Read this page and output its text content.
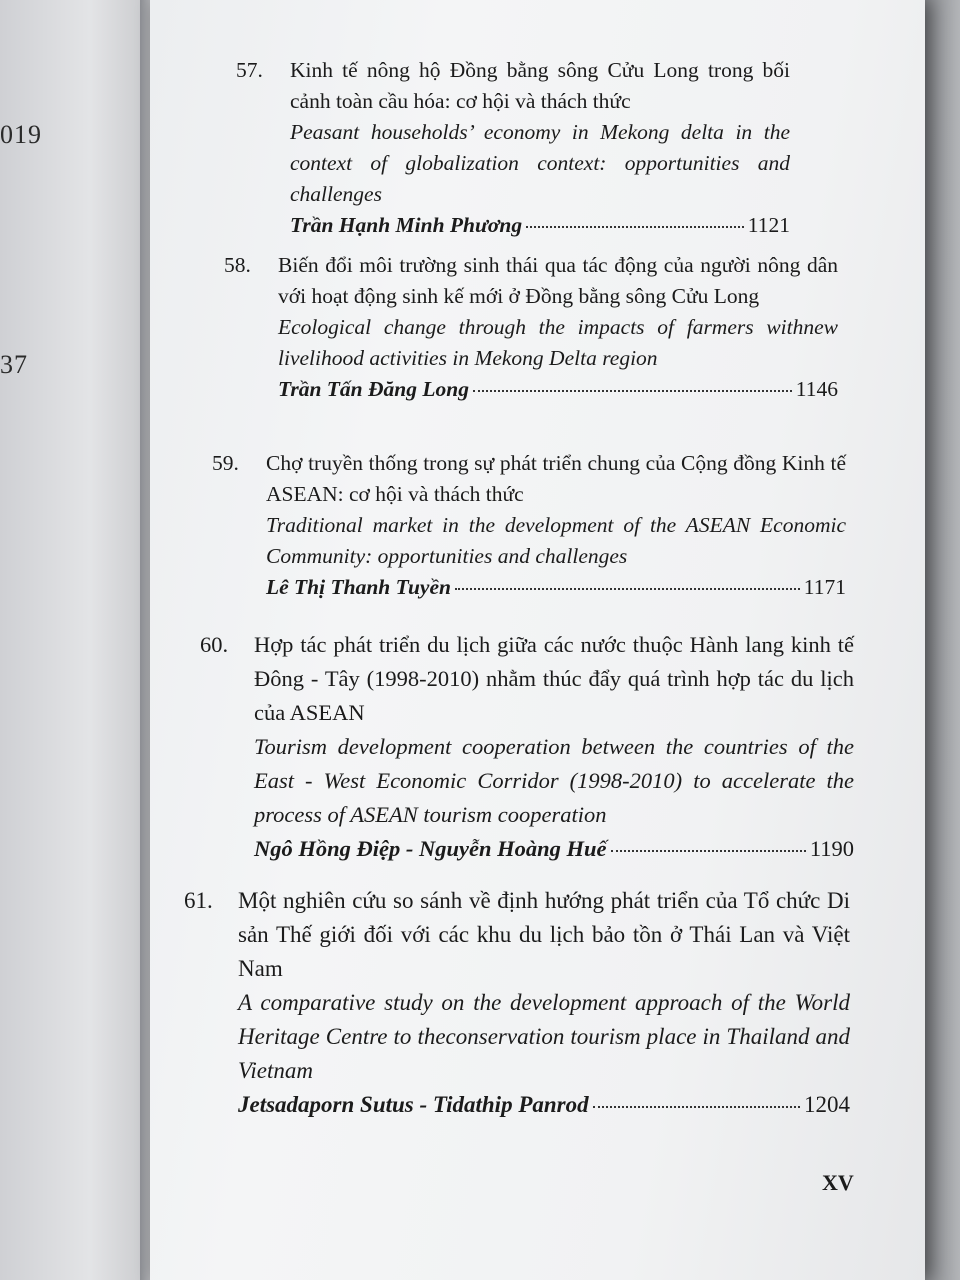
019
37
57. Kinh tế nông hộ Đồng bằng sông Cửu Long trong bối cảnh toàn cầu hóa: cơ hội và thách thức
Peasant households’ economy in Mekong delta in the context of globalization context: opportunities and challenges
Trần Hạnh Minh Phương	1121
58. Biến đổi môi trường sinh thái qua tác động của người nông dân với hoạt động sinh kế mới ở Đồng bằng sông Cửu Long
Ecological change through the impacts of farmers withnew livelihood activities in Mekong Delta region
Trần Tấn Đăng Long	1146
59. Chợ truyền thống trong sự phát triển chung của Cộng đồng Kinh tế ASEAN: cơ hội và thách thức
Traditional market in the development of the ASEAN Economic Community: opportunities and challenges
Lê Thị Thanh Tuyền	1171
60. Hợp tác phát triển du lịch giữa các nước thuộc Hành lang kinh tế Đông - Tây (1998-2010) nhằm thúc đẩy quá trình hợp tác du lịch của ASEAN
Tourism development cooperation between the countries of the East - West Economic Corridor (1998-2010) to accelerate the process of ASEAN tourism cooperation
Ngô Hồng Điệp - Nguyễn Hoàng Huế	1190
61. Một nghiên cứu so sánh về định hướng phát triển của Tổ chức Di sản Thế giới đối với các khu du lịch bảo tồn ở Thái Lan và Việt Nam
A comparative study on the development approach of the World Heritage Centre to theconservation tourism place in Thailand and Vietnam
Jetsadaporn Sutus - Tidathip Panrod	1204
XV
